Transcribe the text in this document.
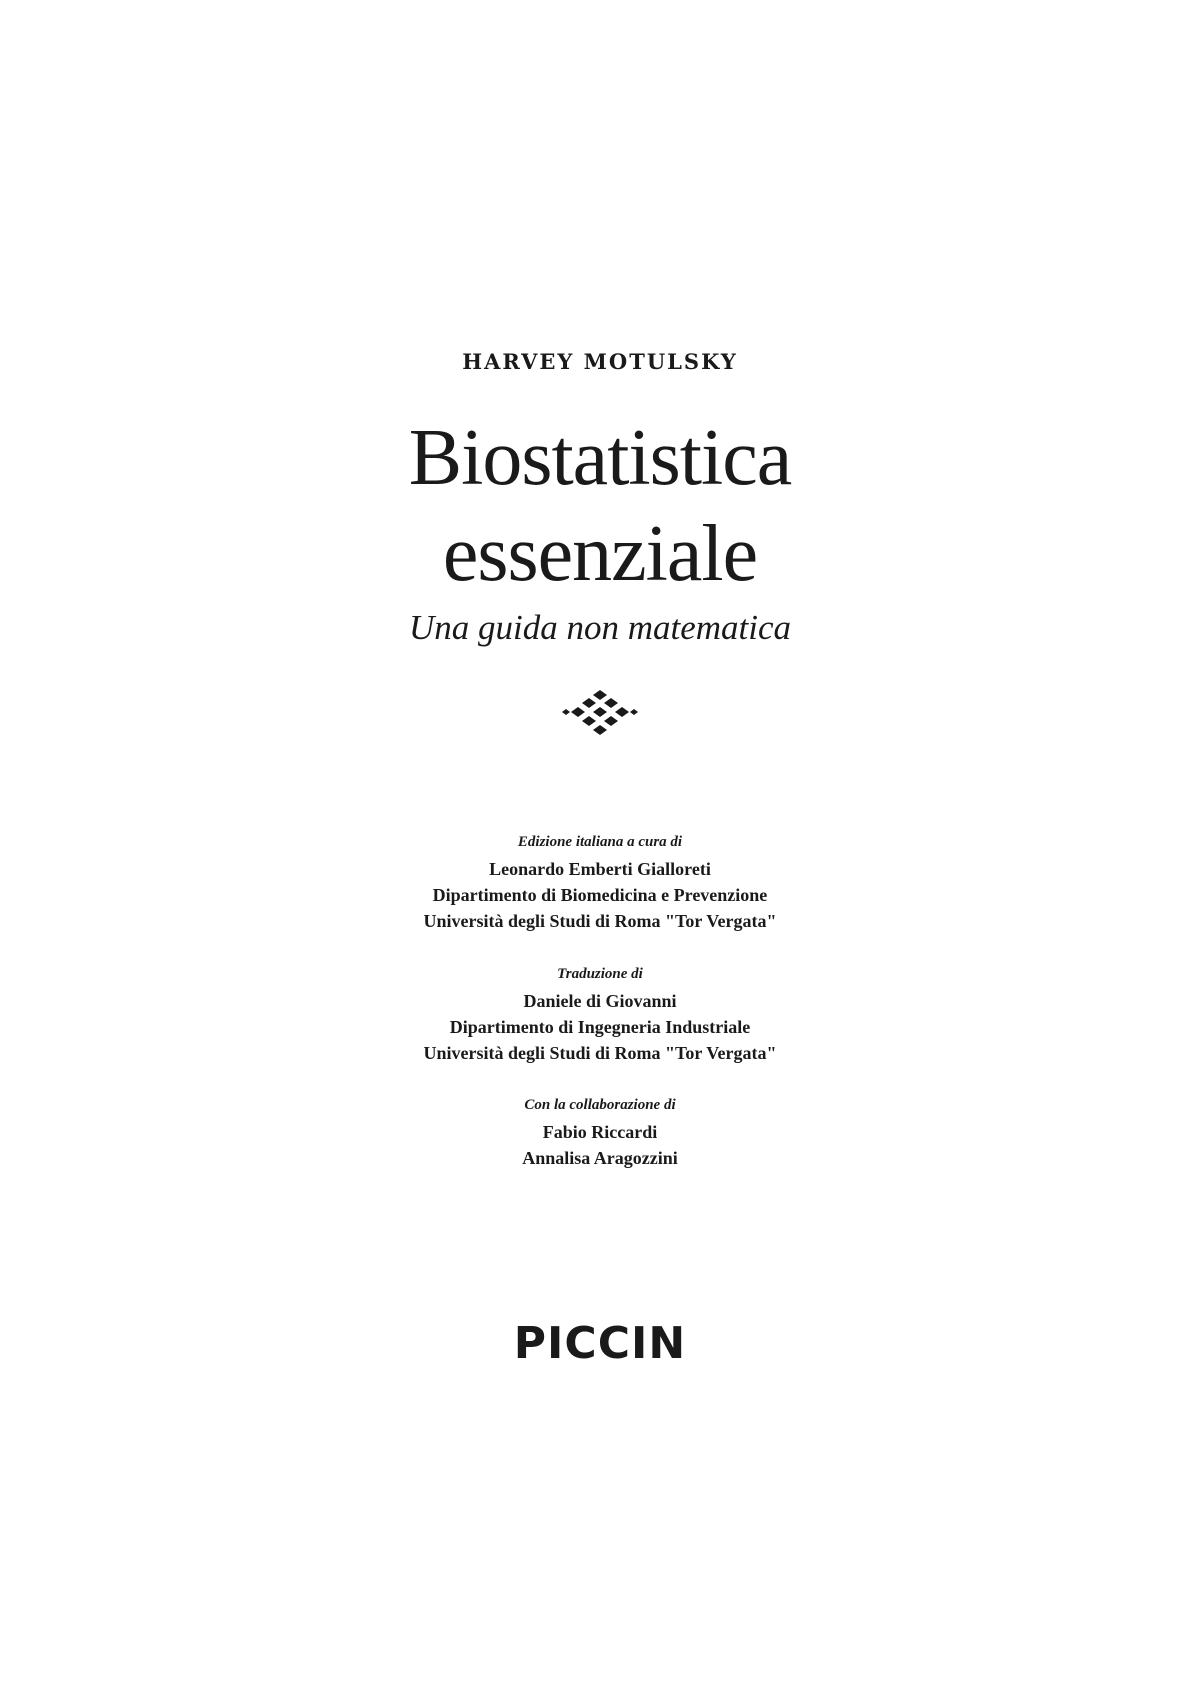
HARVEY MOTULSKY
Biostatistica
essenziale
Una guida non matematica
Edizione italiana a cura di
Leonardo Emberti Gialloreti
Dipartimento di Biomedicina e Prevenzione
Università degli Studi di Roma "Tor Vergata"
Traduzione di
Daniele di Giovanni
Dipartimento di Ingegneria Industriale
Università degli Studi di Roma "Tor Vergata"
Con la collaborazione di
Fabio Riccardi
Annalisa Aragozzini
PICCIN
